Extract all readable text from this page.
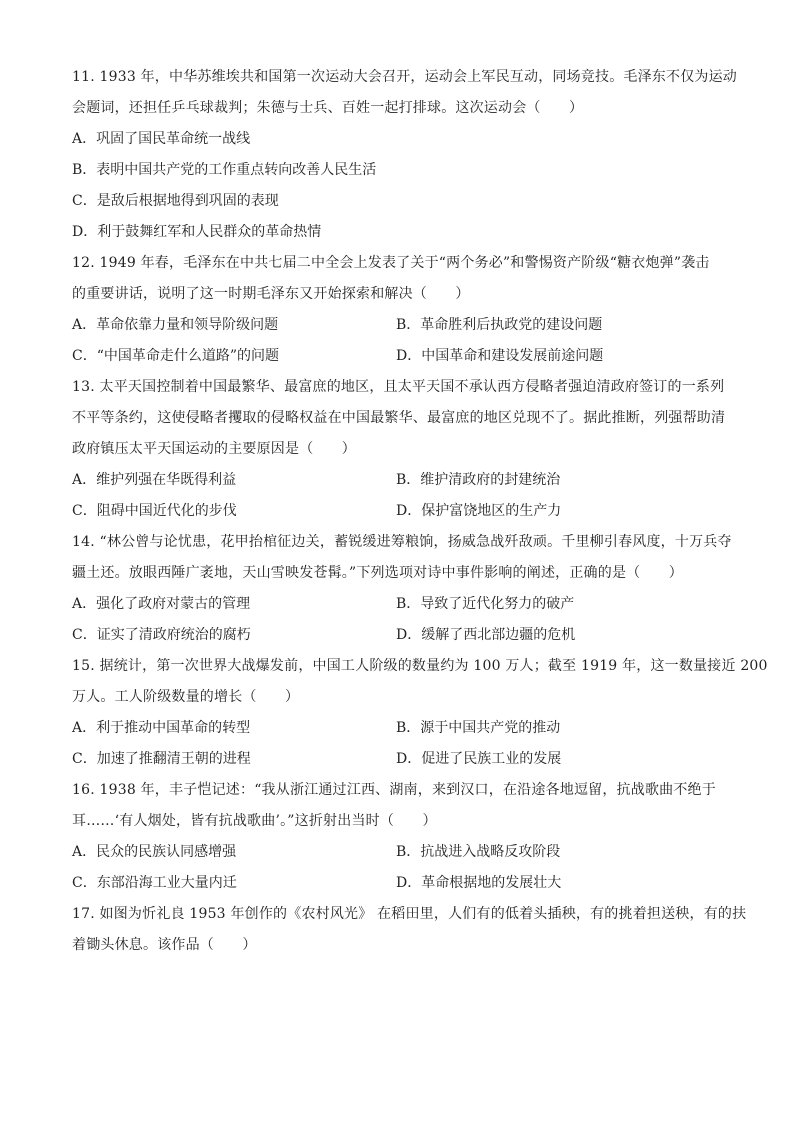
11. 1933 年，中华苏维埃共和国第一次运动大会召开，运动会上军民互动，同场竞技。毛泽东不仅为运动
会题词，还担任乒乓球裁判；朱德与士兵、百姓一起打排球。这次运动会（　　）
A．巩固了国民革命统一战线
B．表明中国共产党的工作重点转向改善人民生活
C．是敌后根据地得到巩固的表现
D．利于鼓舞红军和人民群众的革命热情
12. 1949 年春，毛泽东在中共七届二中全会上发表了关于“两个务必”和警惕资产阶级“糖衣炮弹”袭击
的重要讲话，说明了这一时期毛泽东又开始探索和解决（　　）
A．革命依靠力量和领导阶级问题	B．革命胜利后执政党的建设问题
C．“中国革命走什么道路”的问题	D．中国革命和建设发展前途问题
13. 太平天国控制着中国最繁华、最富庶的地区，且太平天国不承认西方侵略者强迫清政府签订的一系列
不平等条约，这使侵略者攫取的侵略权益在中国最繁华、最富庶的地区兑现不了。据此推断，列强帮助清
政府镇压太平天国运动的主要原因是（　　）
A．维护列强在华既得利益	B．维护清政府的封建统治
C．阻碍中国近代化的步伐	D．保护富饶地区的生产力
14. “林公曾与论忧患，花甲抬棺征边关，蓄锐缓进筹粮饷，扬威急战歼敌顽。千里柳引春风度，十万兵夺
疆土还。放眼西陲广袤地，天山雪映发苍髯。”下列选项对诗中事件影响的阐述，正确的是（　　）
A．强化了政府对蒙古的管理	B．导致了近代化努力的破产
C．证实了清政府统治的腐朽	D．缓解了西北部边疆的危机
15. 据统计，第一次世界大战爆发前，中国工人阶级的数量约为 100 万人；截至 1919 年，这一数量接近 200
万人。工人阶级数量的增长（　　）
A．利于推动中国革命的转型	B．源于中国共产党的推动
C．加速了推翻清王朝的进程	D．促进了民族工业的发展
16. 1938 年，丰子恺记述：“我从浙江通过江西、湖南，来到汉口，在沿途各地逗留，抗战歌曲不绝于
耳……‘有人烟处，皆有抗战歌曲’。”这折射出当时（　　）
A．民众的民族认同感增强	B．抗战进入战略反攻阶段
C．东部沿海工业大量内迁	D．革命根据地的发展壮大
17. 如图为忻礼良 1953 年创作的《农村风光》 在稻田里，人们有的低着头插秧，有的挑着担送秧，有的扶
着锄头休息。该作品（　　）
